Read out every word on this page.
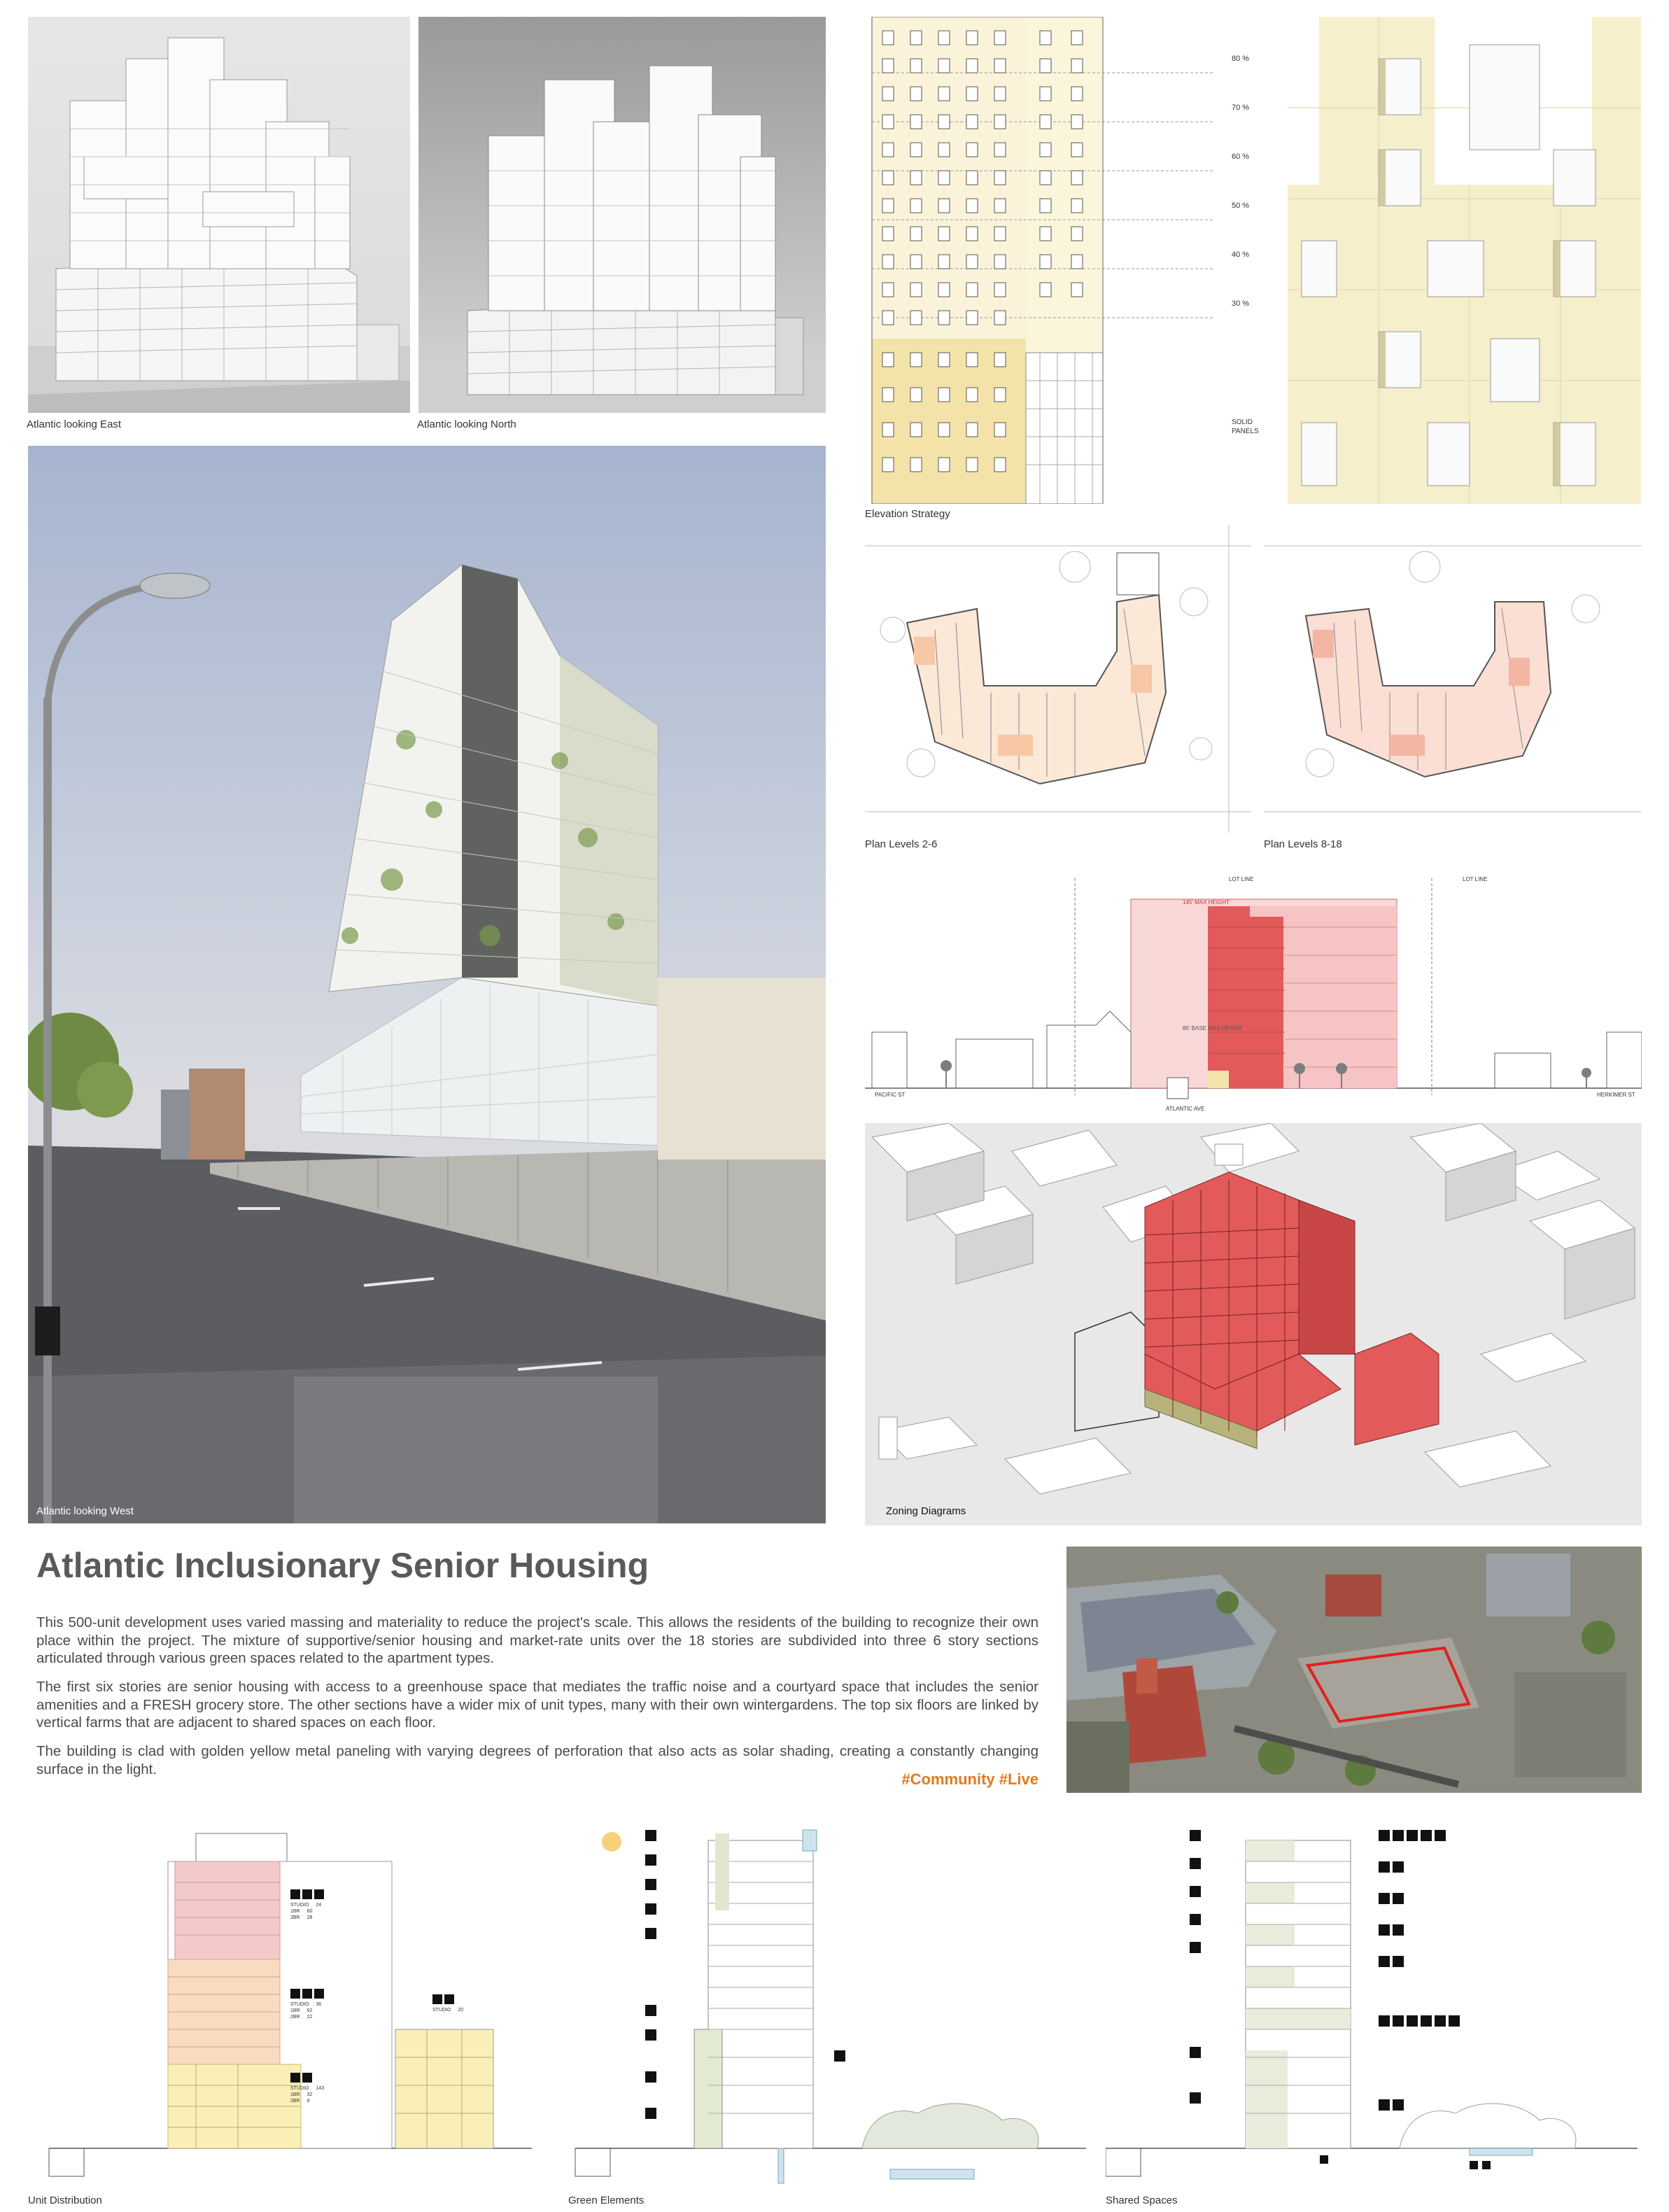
Atlantic looking East	Atlantic looking North
Atlantic looking West
80 %
70 %
60 %
50 %
40 %
30 %
SOLID
PANELS
Elevation Strategy
Plan Levels 2-6	Plan Levels 8-18
145' MAX HEIGHT
85' BASE MAX HEIGHT
LOT LINE	LOT LINE
PACIFIC ST
ATLANTIC AVE
HERKIMER ST
Zoning Diagrams
Atlantic Inclusionary Senior Housing

This 500-unit development uses varied massing and materiality to reduce the project's scale. This allows the residents of the building to recognize their own place within the project. The mixture of supportive/senior housing and market-rate units over the 18 stories are subdivided into three 6 story sections articulated through various green spaces related to the apartment types.

The first six stories are senior housing with access to a greenhouse space that mediates the traffic noise and a courtyard space that includes the senior amenities and a FRESH grocery store. The other sections have a wider mix of unit types, many with their own wintergardens. The top six floors are linked by vertical farms that are adjacent to shared spaces on each floor.

The building is clad with golden yellow metal paneling with varying degrees of perforation that also acts as solar shading, creating a constantly changing surface in the light.

#Community #Live
STUDIO 24
1BR 60
2BR 28
STUDIO 36
1BR 62
2BR 22
STUDIO 143
1BR 32
2BR 8
STUDIO 20
Unit Distribution	Green Elements	Shared Spaces
